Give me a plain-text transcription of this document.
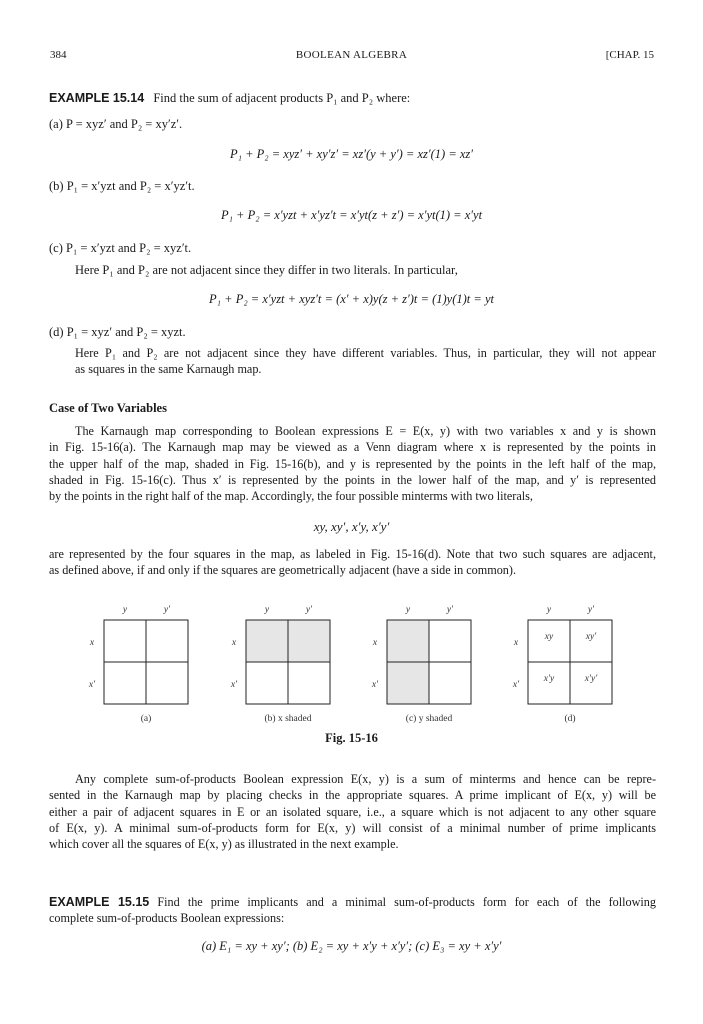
384	BOOLEAN ALGEBRA	[CHAP. 15
EXAMPLE 15.14 Find the sum of adjacent products P₁ and P₂ where:
(a) P = xyz′ and P₂ = xy′z′.
P₁ + P₂ = xyz′ + xy′z′ = xz′(y + y′) = xz′(1) = xz′
(b) P₁ = x′yzt and P₂ = x′yz′t.
P₁ + P₂ = x′yzt + x′yz′t = x′yt(z + z′) = x′yt(1) = x′yt
(c) P₁ = x′yzt and P₂ = xyz′t.
Here P₁ and P₂ are not adjacent since they differ in two literals. In particular,
P₁ + P₂ = x′yzt + xyz′t = (x′ + x)y(z + z′)t = (1)y(1)t = yt
(d) P₁ = xyz′ and P₂ = xyzt.
Here P₁ and P₂ are not adjacent since they have different variables. Thus, in particular, they will not appear
as squares in the same Karnaugh map.
Case of Two Variables
The Karnaugh map corresponding to Boolean expressions E = E(x, y) with two variables x and y is shown
in Fig. 15-16(a). The Karnaugh map may be viewed as a Venn diagram where x is represented by the points in
the upper half of the map, shaded in Fig. 15-16(b), and y is represented by the points in the left half of the map,
shaded in Fig. 15-16(c). Thus x′ is represented by the points in the lower half of the map, and y′ is represented
by the points in the right half of the map. Accordingly, the four possible minterms with two literals,
xy, xy′, x′y, x′y′
are represented by the four squares in the map, as labeled in Fig. 15-16(d). Note that two such squares are adjacent,
as defined above, if and only if the squares are geometrically adjacent (have a side in common).
y	y′
x
x′
(a)
y	y′
x
x′
(b) x shaded
y	y′
x
x′
(c) y shaded
y	y′
x
x′
xy	xy′
x′y	x′y′
(d)
Fig. 15-16
Any complete sum-of-products Boolean expression E(x, y) is a sum of minterms and hence can be repre-
sented in the Karnaugh map by placing checks in the appropriate squares. A prime implicant of E(x, y) will be
either a pair of adjacent squares in E or an isolated square, i.e., a square which is not adjacent to any other square
of E(x, y). A minimal sum-of-products form for E(x, y) will consist of a minimal number of prime implicants
which cover all the squares of E(x, y) as illustrated in the next example.
EXAMPLE 15.15 Find the prime implicants and a minimal sum-of-products form for each of the following
complete sum-of-products Boolean expressions:
(a) E₁ = xy + xy′; (b) E₂ = xy + x′y + x′y′; (c) E₃ = xy + x′y′
